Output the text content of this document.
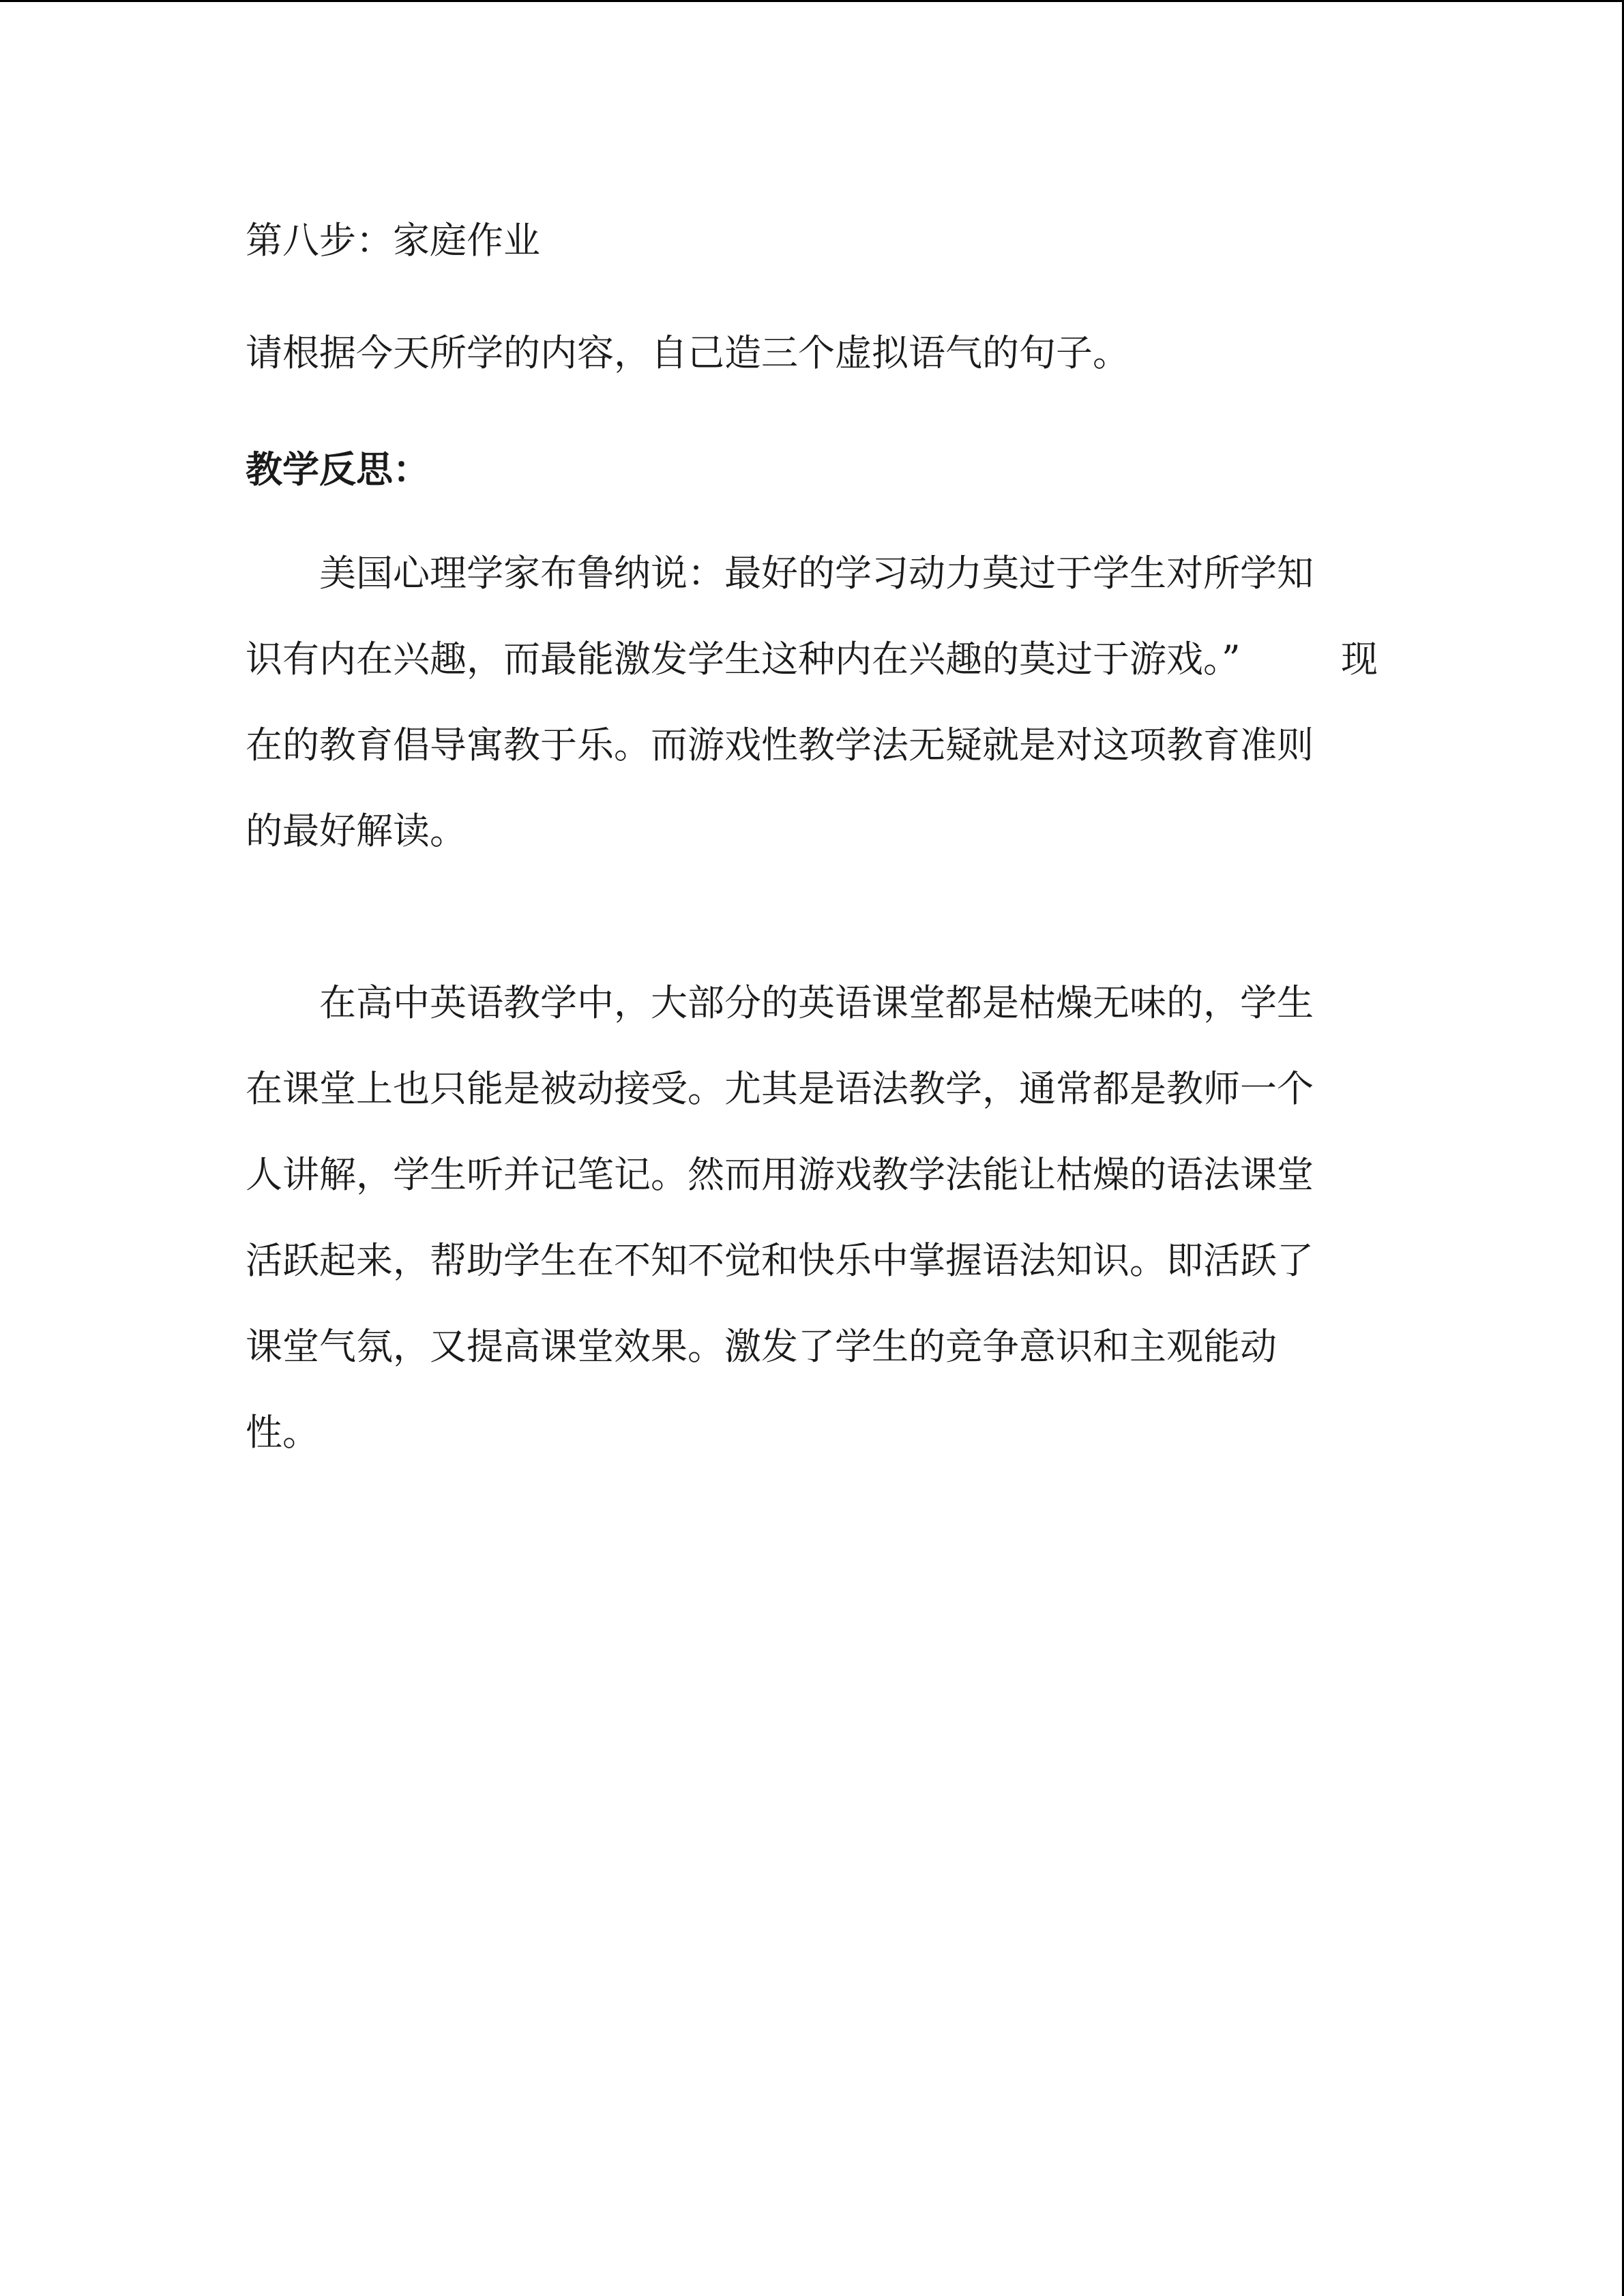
第八步：家庭作业

请根据今天所学的内容，自己造三个虚拟语气的句子。

教学反思：

美国心理学家布鲁纳说：最好的学习动力莫过于学生对所学知

识有内在兴趣，而最能激发学生这种内在兴趣的莫过于游戏。”	现

在的教育倡导寓教于乐。而游戏性教学法无疑就是对这项教育准则

的最好解读。

在高中英语教学中，大部分的英语课堂都是枯燥无味的，学生

在课堂上也只能是被动接受。尤其是语法教学，通常都是教师一个

人讲解，学生听并记笔记。然而用游戏教学法能让枯燥的语法课堂

活跃起来，帮助学生在不知不觉和快乐中掌握语法知识。即活跃了

课堂气氛，又提高课堂效果。激发了学生的竞争意识和主观能动

性。
